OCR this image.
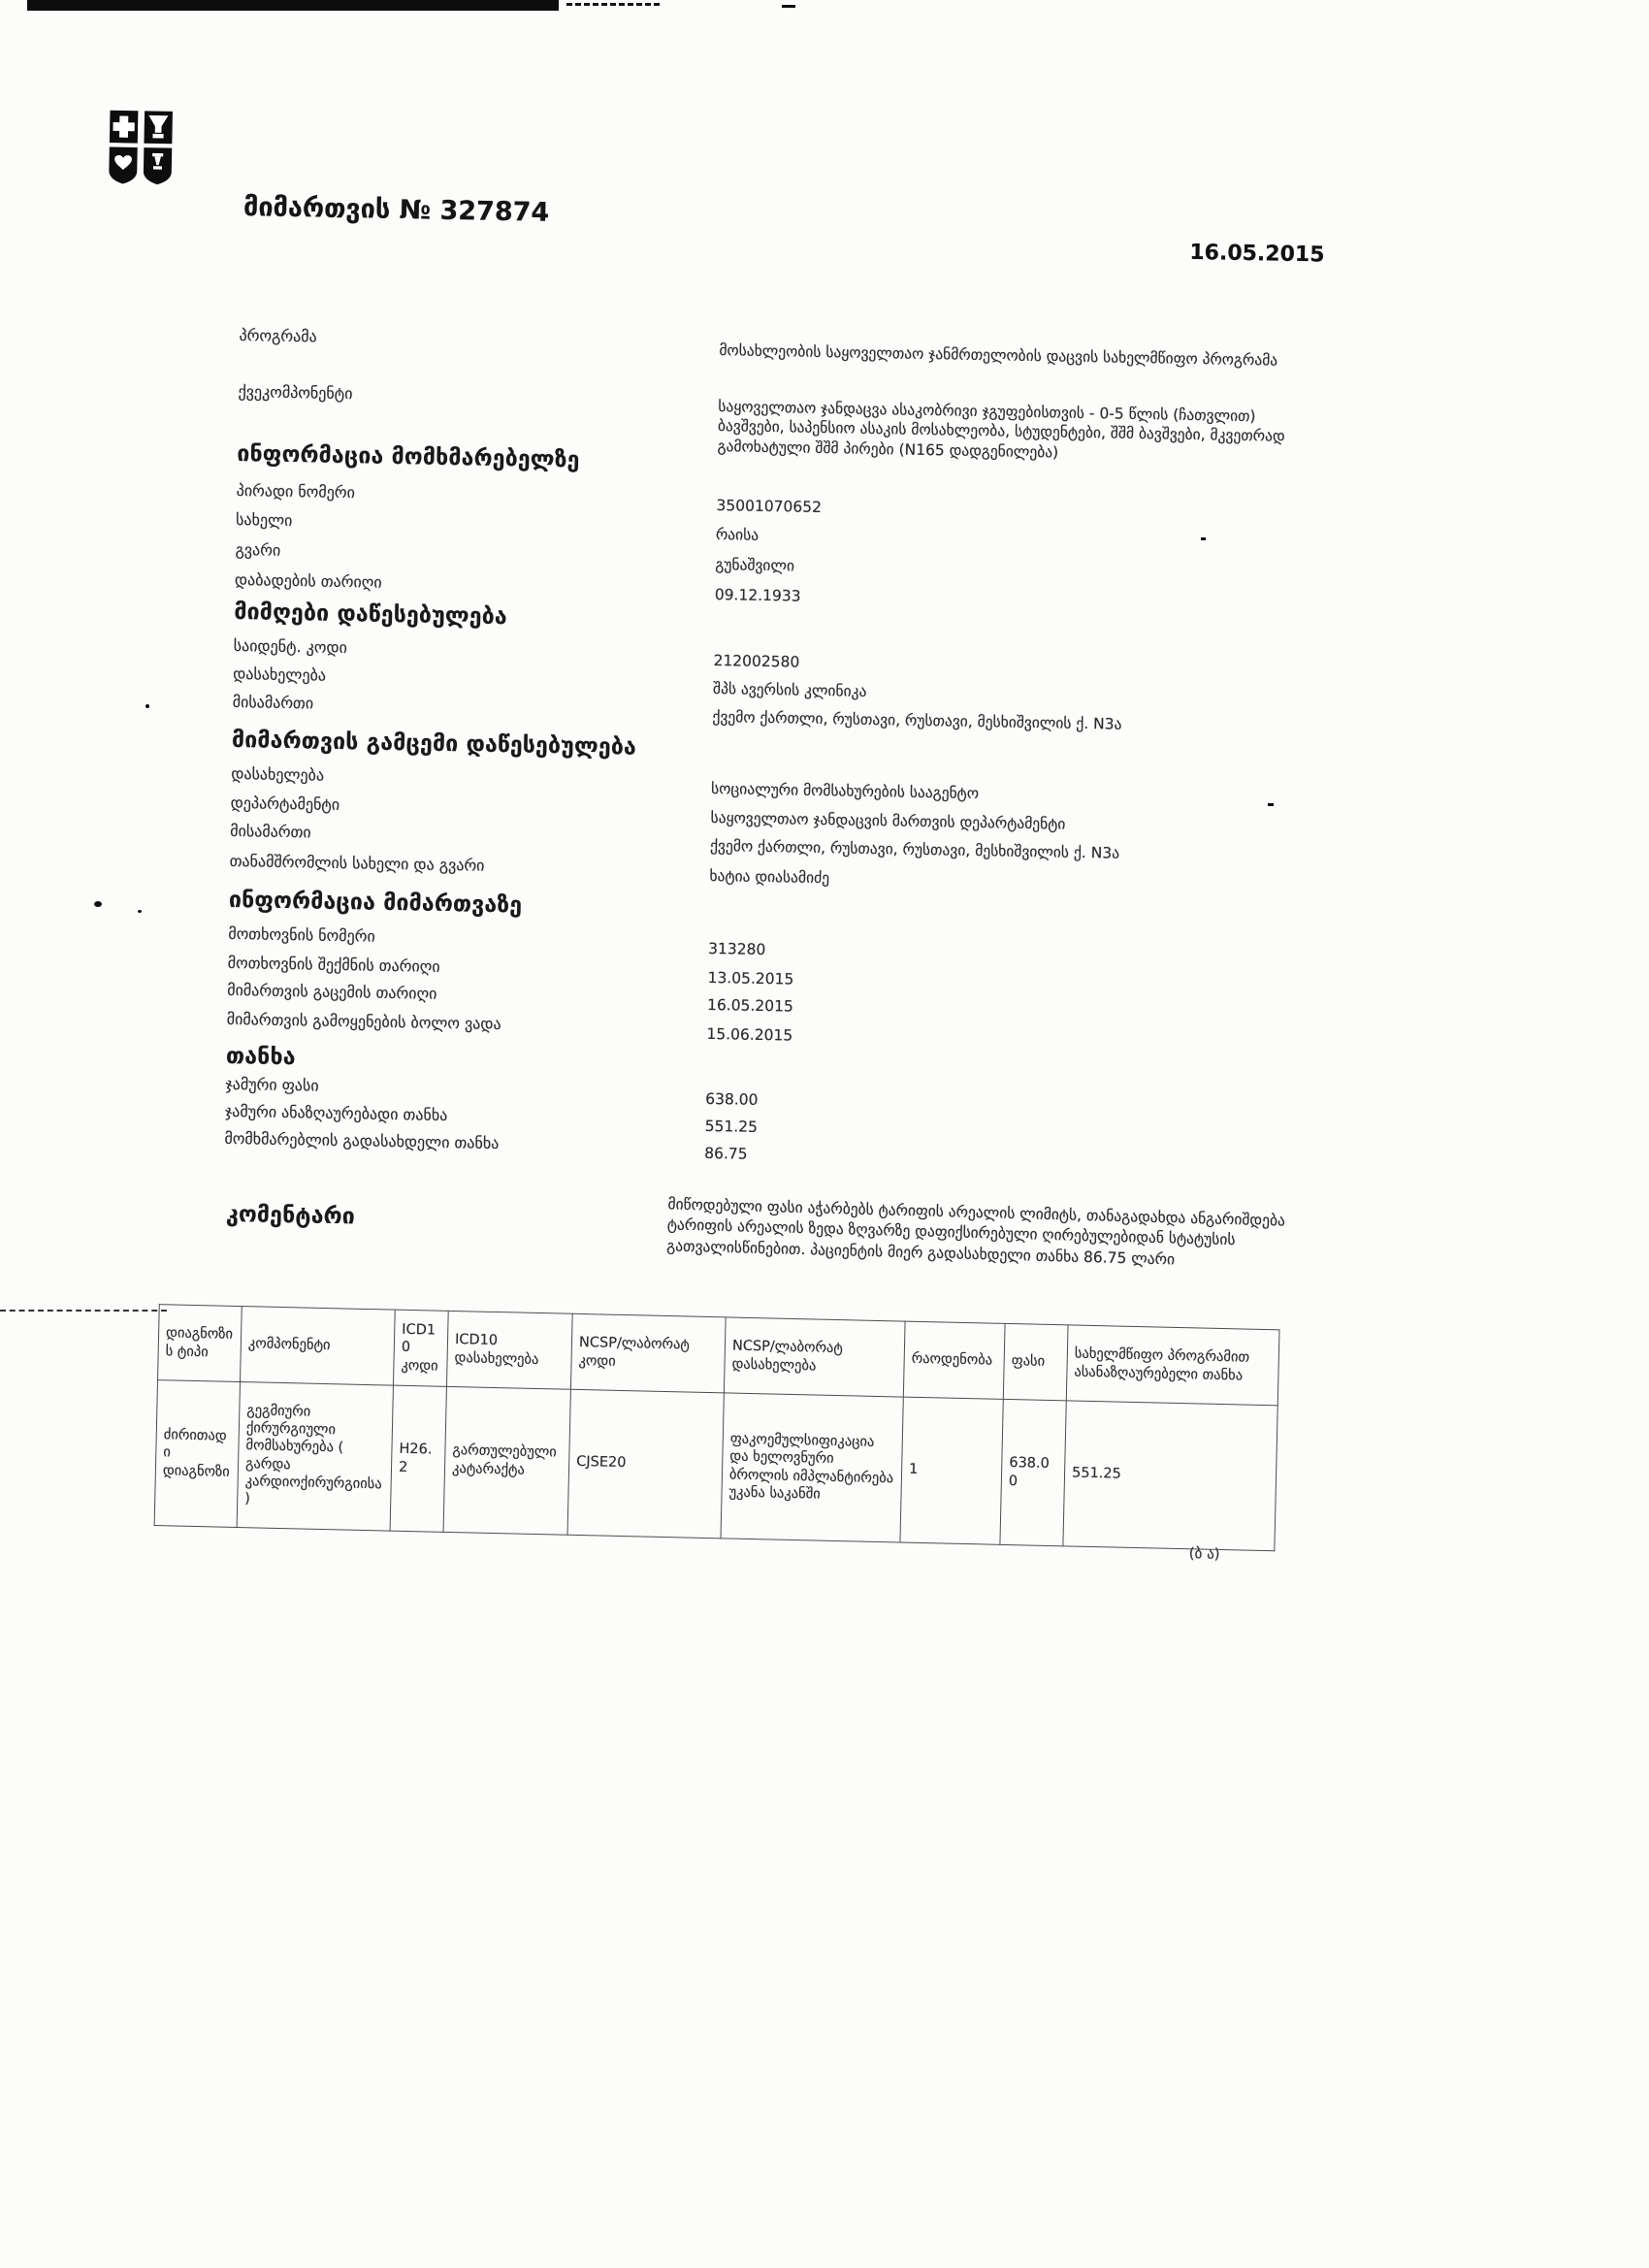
მიმართვის № 327874
16.05.2015
პროგრამა
მოსახლეობის საყოველთაო ჯანმრთელობის დაცვის სახელმწიფო პროგრამა
ქვეკომპონენტი
საყოველთაო ჯანდაცვა ასაკობრივი ჯგუფებისთვის - 0-5 წლის (ჩათვლით) ბავშვები, საპენსიო ასაკის მოსახლეობა, სტუდენტები, შშმ ბავშვები, მკვეთრად გამოხატული შშმ პირები (N165 დადგენილება)
ინფორმაცია მომხმარებელზე
პირადი ნომერი
35001070652
სახელი
რაისა
გვარი
გუნაშვილი
დაბადების თარიღი
09.12.1933
მიმღები დაწესებულება
საიდენტ. კოდი
212002580
დასახელება
შპს ავერსის კლინიკა
მისამართი
ქვემო ქართლი, რუსთავი, რუსთავი, მესხიშვილის ქ. N3ა
მიმართვის გამცემი დაწესებულება
დასახელება
სოციალური მომსახურების სააგენტო
დეპარტამენტი
საყოველთაო ჯანდაცვის მართვის დეპარტამენტი
მისამართი
ქვემო ქართლი, რუსთავი, რუსთავი, მესხიშვილის ქ. N3ა
თანამშრომლის სახელი და გვარი
ხატია დიასამიძე
ინფორმაცია მიმართვაზე
მოთხოვნის ნომერი
313280
მოთხოვნის შექმნის თარიღი
13.05.2015
მიმართვის გაცემის თარიღი
16.05.2015
მიმართვის გამოყენების ბოლო ვადა
15.06.2015
თანხა
ჯამური ფასი
638.00
ჯამური ანაზღაურებადი თანხა
551.25
მომხმარებლის გადასახდელი თანხა
86.75
კომენტარი	მიწოდებული ფასი აჭარბებს ტარიფის არეალის ლიმიტს, თანაგადახდა ანგარიშდება ტარიფის არეალის ზედა ზღვარზე დაფიქსირებული ღირებულებიდან სტატუსის გათვალისწინებით. პაციენტის მიერ გადასახდელი თანხა 86.75 ლარი
დიაგნოზის ტიპი	კომპონენტი	ICD10 კოდი	ICD10 დასახელება	NCSP/ლაბორატ კოდი	NCSP/ლაბორატ დასახელება	რაოდენობა	ფასი	სახელმწიფო პროგრამით ასანაზღაურებელი თანხა
ძირითადი დიაგნოზი	გეგმიური ქირურგიული მომსახურება ( გარდა კარდიოქირურგიისა)	H26.2	გართულებული კატარაქტა	CJSE20	ფაკოემულსიფიკაცია და ხელოვნური ბროლის იმპლანტირება უკანა საკანში	1	638.00	551.25
(ბ ა)
